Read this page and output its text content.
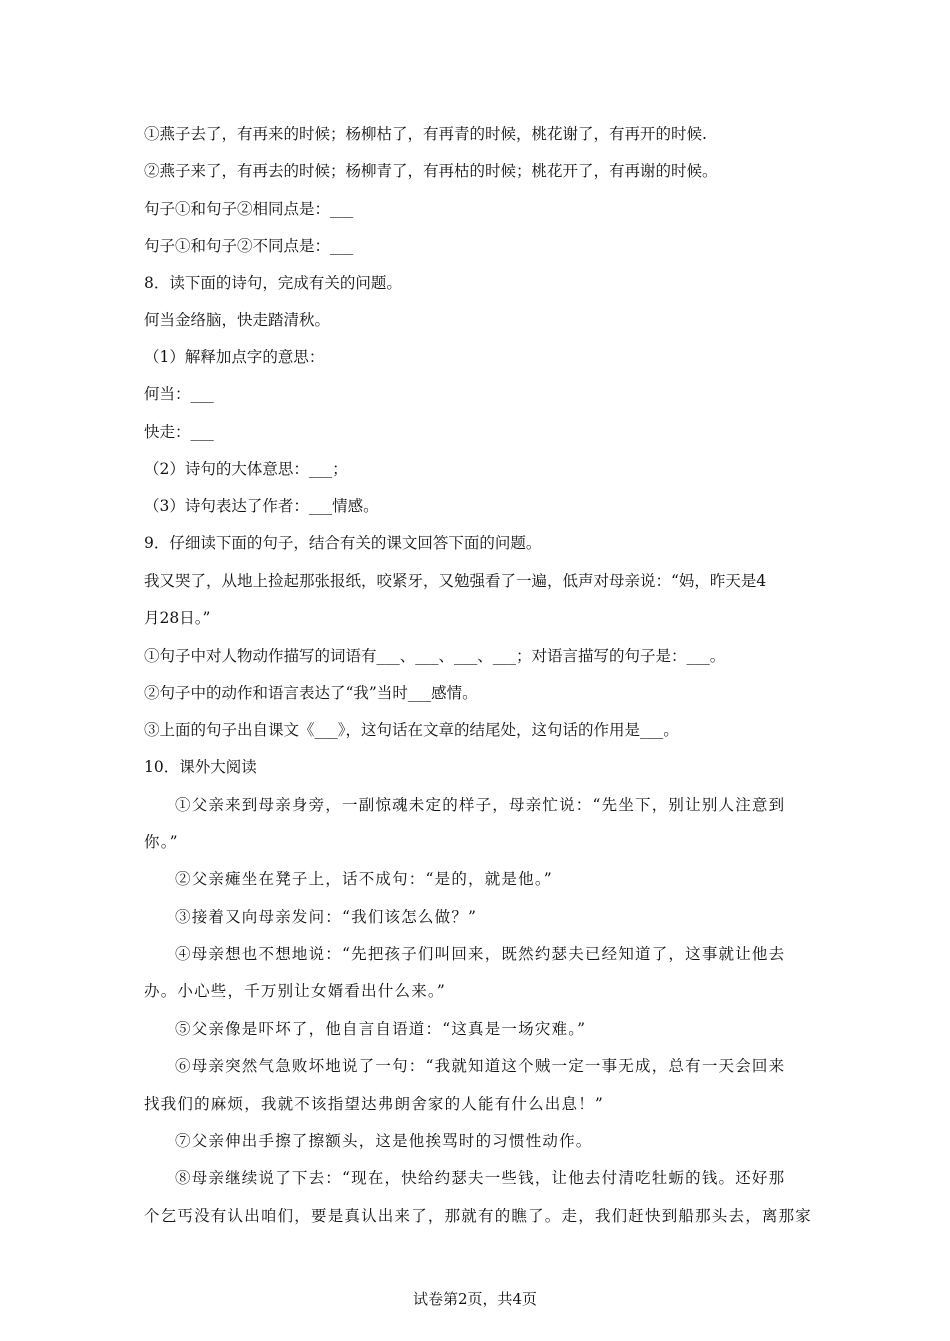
①燕子去了，有再来的时候；杨柳枯了，有再青的时候，桃花谢了，有再开的时候.
②燕子来了，有再去的时候；杨柳青了，有再枯的时候；桃花开了，有再谢的时候。
句子①和句子②相同点是：___
句子①和句子②不同点是：___
8．读下面的诗句，完成有关的问题。
何当金络脑，快走踏清秋。
（1）解释加点字的意思：
何当：___
快走：___
（2）诗句的大体意思：___；
（3）诗句表达了作者：___情感。
9．仔细读下面的句子，结合有关的课文回答下面的问题。
我又哭了，从地上捡起那张报纸，咬紧牙，又勉强看了一遍，低声对母亲说：“妈，昨天是4
月28日。”
①句子中对人物动作描写的词语有___、___、___、___；对语言描写的句子是：___。
②句子中的动作和语言表达了“我”当时___感情。
③上面的句子出自课文《___》，这句话在文章的结尾处，这句话的作用是___。
10．课外大阅读
①父亲来到母亲身旁，一副惊魂未定的样子，母亲忙说：“先坐下，别让别人注意到
你。”
②父亲瘫坐在凳子上，话不成句：“是的，就是他。”
③接着又向母亲发问：“我们该怎么做？”
④母亲想也不想地说：“先把孩子们叫回来，既然约瑟夫已经知道了，这事就让他去
办。小心些，千万别让女婿看出什么来。”
⑤父亲像是吓坏了，他自言自语道：“这真是一场灾难。”
⑥母亲突然气急败坏地说了一句：“我就知道这个贼一定一事无成，总有一天会回来
找我们的麻烦，我就不该指望达弗朗舍家的人能有什么出息！”
⑦父亲伸出手擦了擦额头，这是他挨骂时的习惯性动作。
⑧母亲继续说了下去：“现在，快给约瑟夫一些钱，让他去付清吃牡蛎的钱。还好那
个乞丐没有认出咱们，要是真认出来了，那就有的瞧了。走，我们赶快到船那头去，离那家
试卷第2页，共4页
